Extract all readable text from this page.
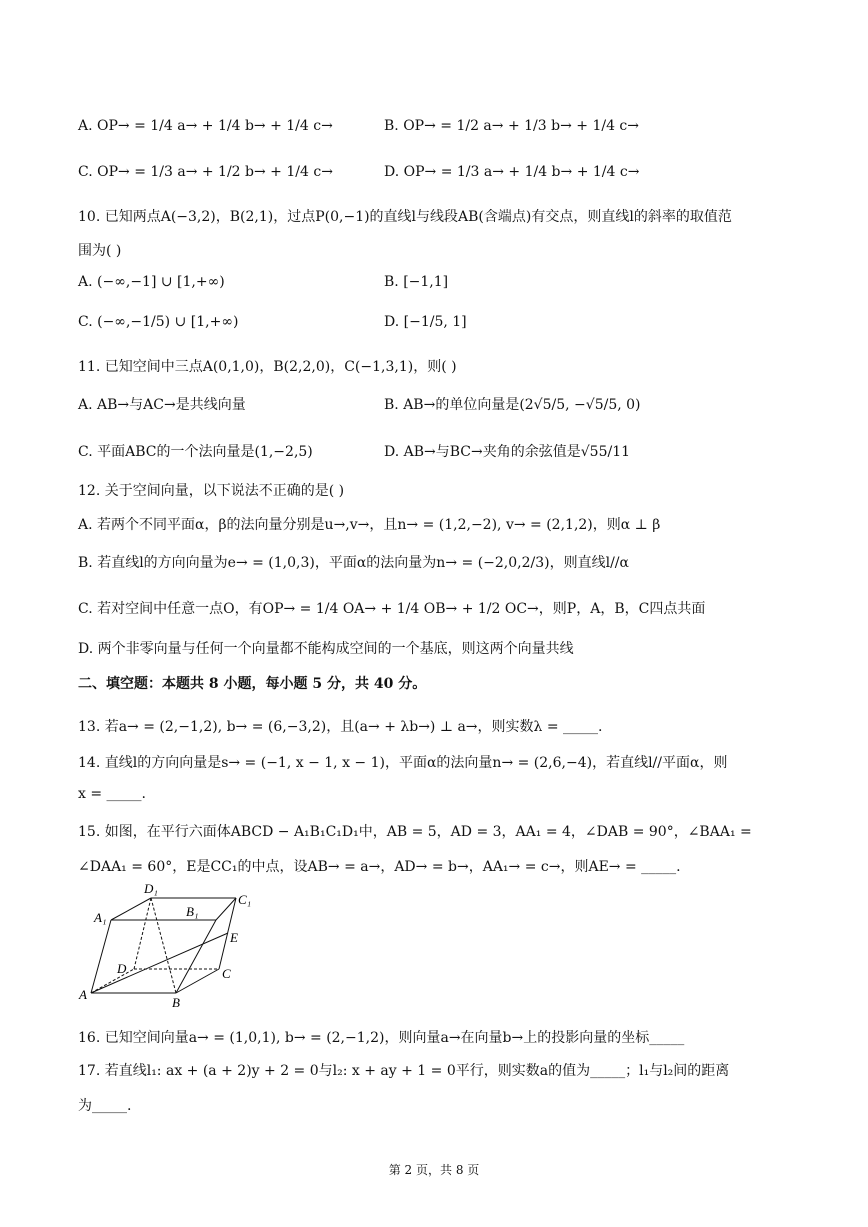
A. OP→ = 1/4 a→ + 1/4 b→ + 1/4 c→	B. OP→ = 1/2 a→ + 1/3 b→ + 1/4 c→
C. OP→ = 1/3 a→ + 1/2 b→ + 1/4 c→	D. OP→ = 1/3 a→ + 1/4 b→ + 1/4 c→
10. 已知两点A(−3,2)，B(2,1)，过点P(0,−1)的直线l与线段AB(含端点)有交点，则直线l的斜率的取值范
围为( )
A. (−∞,−1] ∪ [1,+∞)	B. [−1,1]
C. (−∞,−1/5) ∪ [1,+∞)	D. [−1/5, 1]
11. 已知空间中三点A(0,1,0)，B(2,2,0)，C(−1,3,1)，则( )
A. AB→与AC→是共线向量	B. AB→的单位向量是(2√5/5, −√5/5, 0)
C. 平面ABC的一个法向量是(1,−2,5)	D. AB→与BC→夹角的余弦值是√55/11
12. 关于空间向量，以下说法不正确的是( )
A. 若两个不同平面α，β的法向量分别是u→,v→，且n→ = (1,2,−2), v→ = (2,1,2)，则α ⊥ β
B. 若直线l的方向向量为e→ = (1,0,3)，平面α的法向量为n→ = (−2,0,2/3)，则直线l//α
C. 若对空间中任意一点O，有OP→ = 1/4 OA→ + 1/4 OB→ + 1/2 OC→，则P，A，B，C四点共面
D. 两个非零向量与任何一个向量都不能构成空间的一个基底，则这两个向量共线
二、填空题：本题共 8 小题，每小题 5 分，共 40 分。
13. 若a→ = (2,−1,2), b→ = (6,−3,2)，且(a→ + λb→) ⊥ a→，则实数λ = _____.
14. 直线l的方向向量是s→ = (−1, x − 1, x − 1)，平面α的法向量n→ = (2,6,−4)，若直线l//平面α，则
x = _____.
15. 如图，在平行六面体ABCD − A₁B₁C₁D₁中，AB = 5，AD = 3，AA₁ = 4，∠DAB = 90°，∠BAA₁ =
∠DAA₁ = 60°，E是CC₁的中点，设AB→ = a→，AD→ = b→，AA₁→ = c→，则AE→ = _____.
A
B
C
D
A₁	B₁
C₁
D₁
E
16. 已知空间向量a→ = (1,0,1), b→ = (2,−1,2)，则向量a→在向量b→上的投影向量的坐标_____
17. 若直线l₁: ax + (a + 2)y + 2 = 0与l₂: x + ay + 1 = 0平行，则实数a的值为_____；l₁与l₂间的距离
为_____.
第 2 页，共 8 页
